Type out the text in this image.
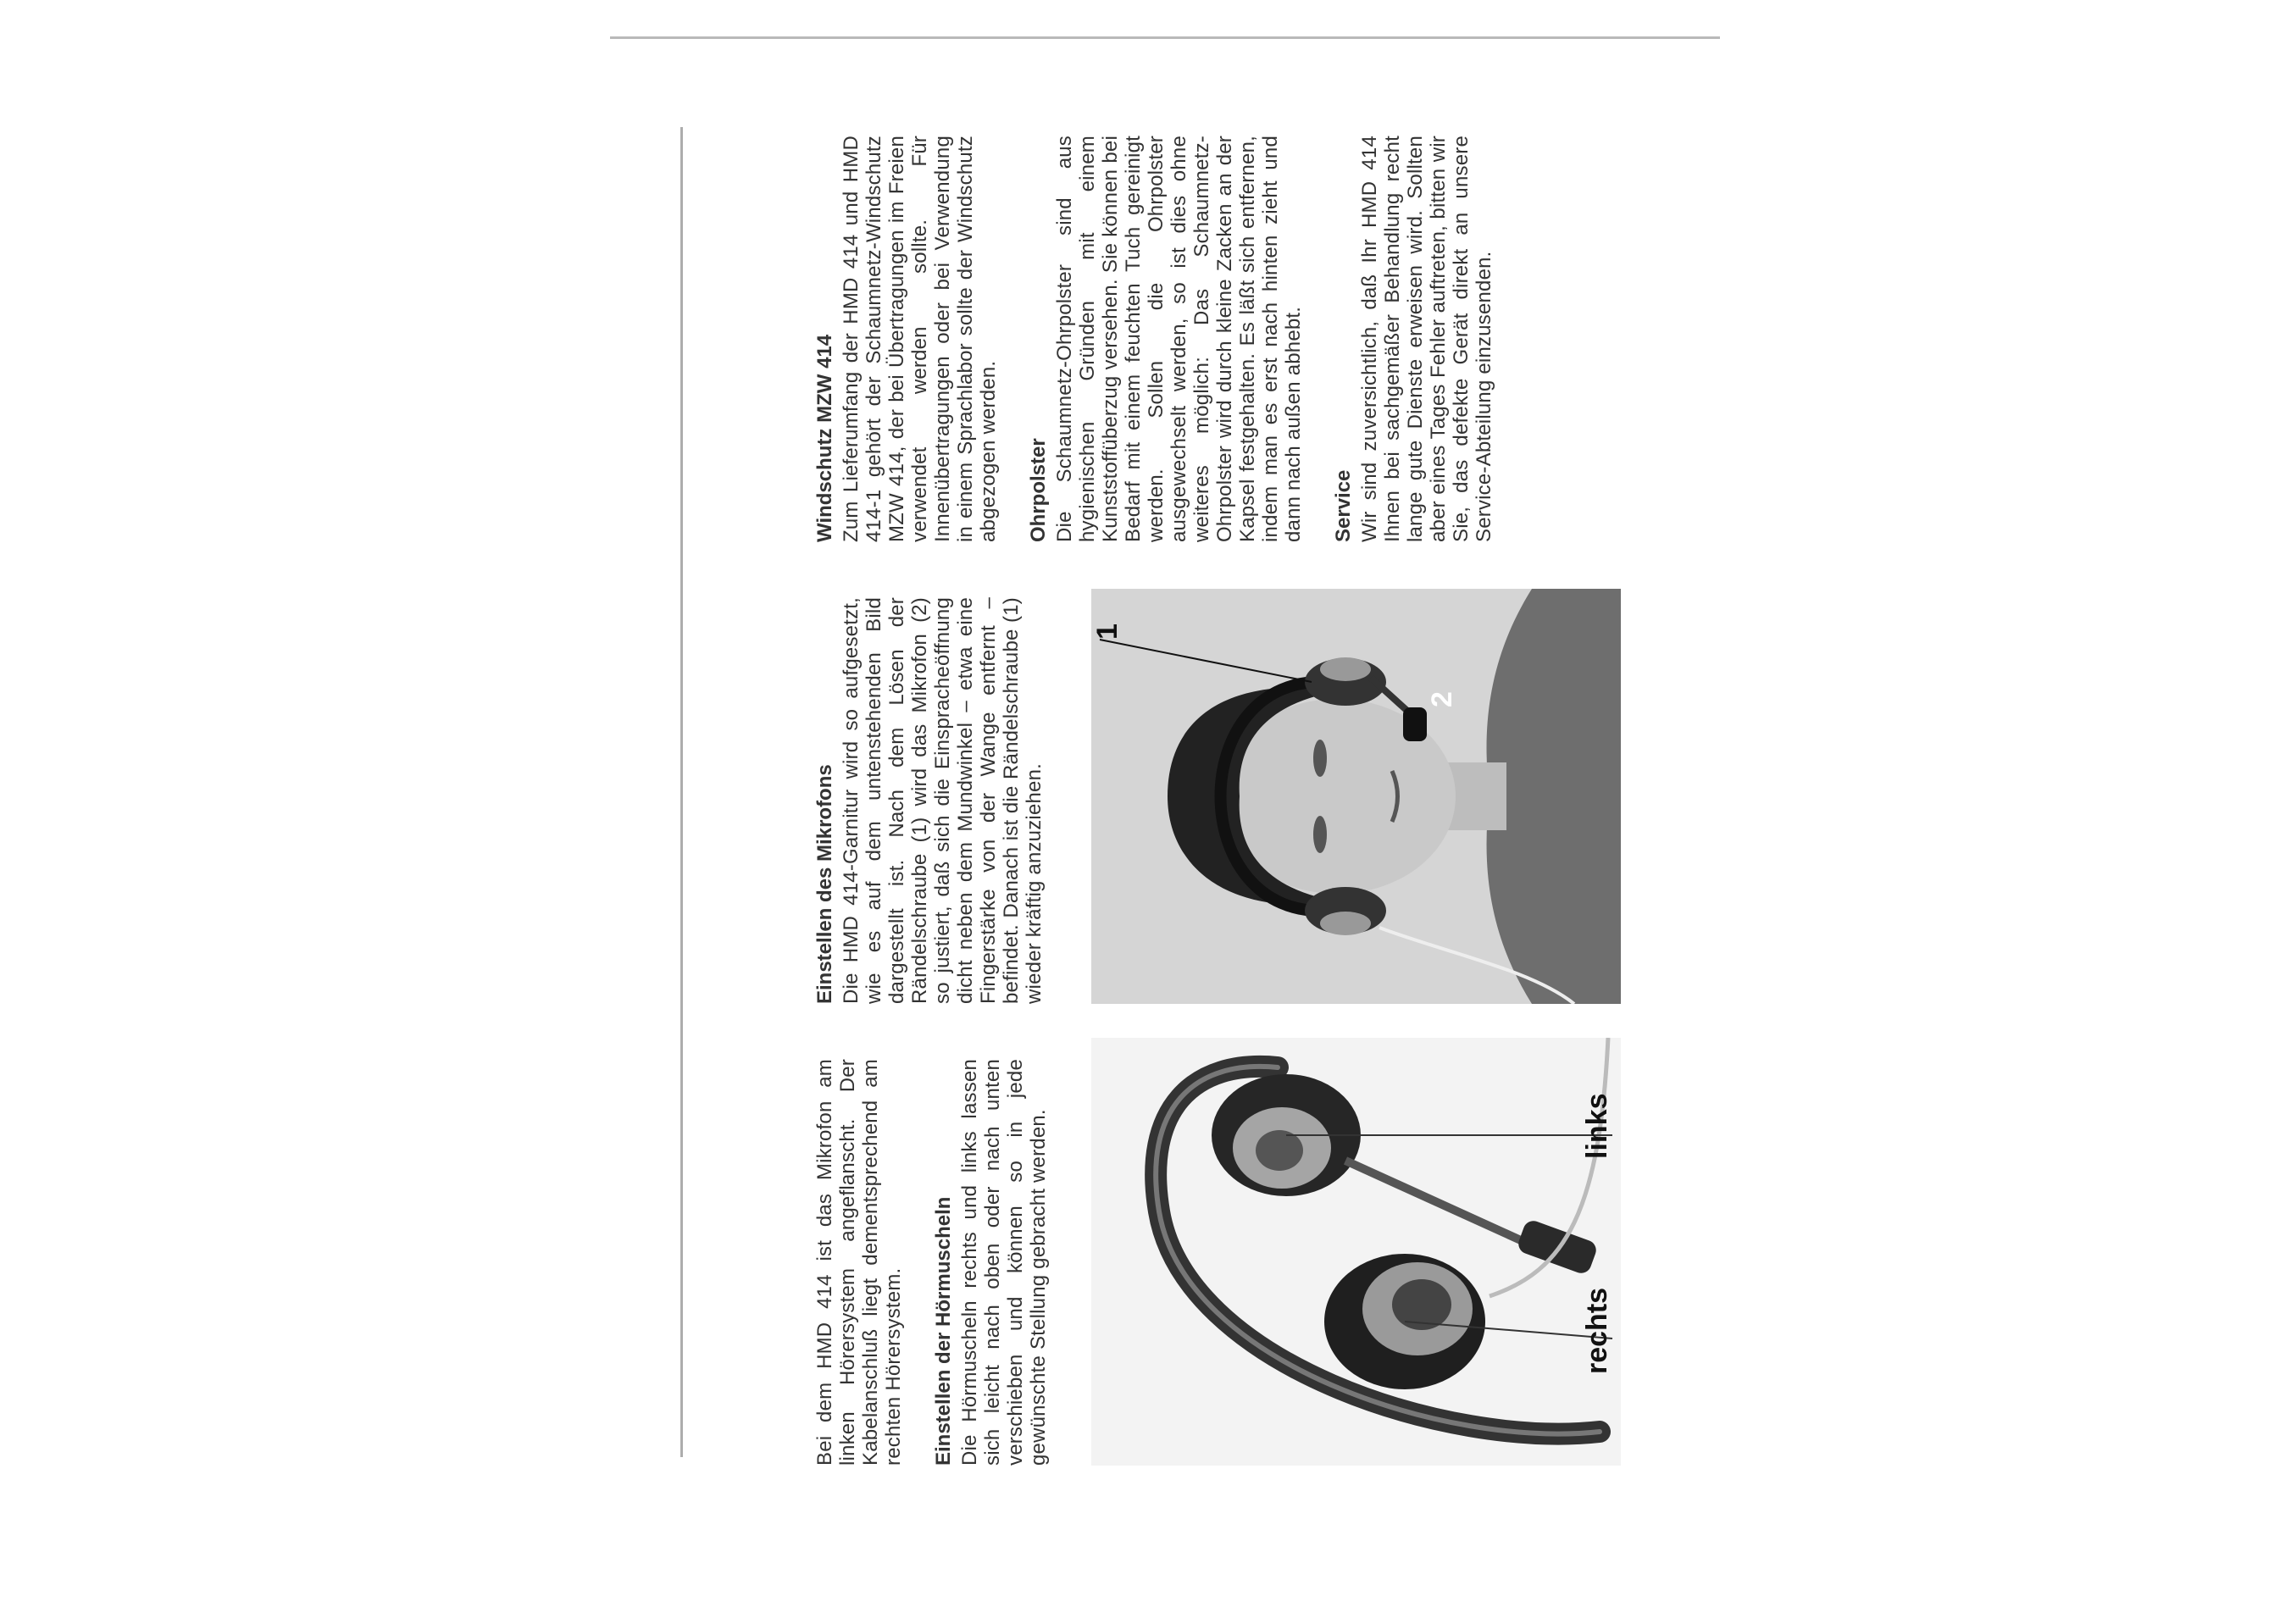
Bei dem HMD 414 ist das Mikrofon am linken Hörersystem angeflanscht. Der Kabelanschluß liegt dementsprechend am rechten Hörersystem. Einstellen der Hörmuscheln Die Hörmuscheln rechts und links lassen sich leicht nach oben oder nach unten verschieben und können so in jede gewünschte Stellung gebracht werden.

Einstellen des Mikrofons Die HMD 414-Garnitur wird so aufgesetzt, wie es auf dem untenstehenden Bild dargestellt ist. Nach dem Lösen der Rändelschraube (1) wird das Mikrofon (2) so justiert, daß sich die Einspracheöffnung dicht neben dem Mundwinkel – etwa eine Fingerstärke von der Wange entfernt – befindet. Danach ist die Rändelschraube (1) wieder kräftig anzuziehen.

Windschutz MZW 414 Zum Lieferumfang der HMD 414 und HMD 414-1 gehört der Schaumnetz-Windschutz MZW 414, der bei Übertragungen im Freien verwendet werden sollte. Für Innenübertragungen oder bei Verwendung in einem Sprachlabor sollte der Windschutz abgezogen werden. Ohrpolster Die Schaumnetz-Ohrpolster sind aus hygienischen Gründen mit einem Kunststoffüberzug versehen. Sie können bei Bedarf mit einem feuchten Tuch gereinigt werden. Sollen die Ohrpolster ausgewechselt werden, so ist dies ohne weiteres möglich: Das Schaumnetz-Ohrpolster wird durch kleine Zacken an der Kapsel festgehalten. Es läßt sich entfernen, indem man es erst nach hinten zieht und dann nach außen abhebt. Service Wir sind zuversichtlich, daß Ihr HMD 414 Ihnen bei sachgemäßer Behandlung recht lange gute Dienste erweisen wird. Sollten aber eines Tages Fehler auftreten, bitten wir Sie, das defekte Gerät direkt an unsere Service-Abteilung einzusenden.

rechts
links
1
2
